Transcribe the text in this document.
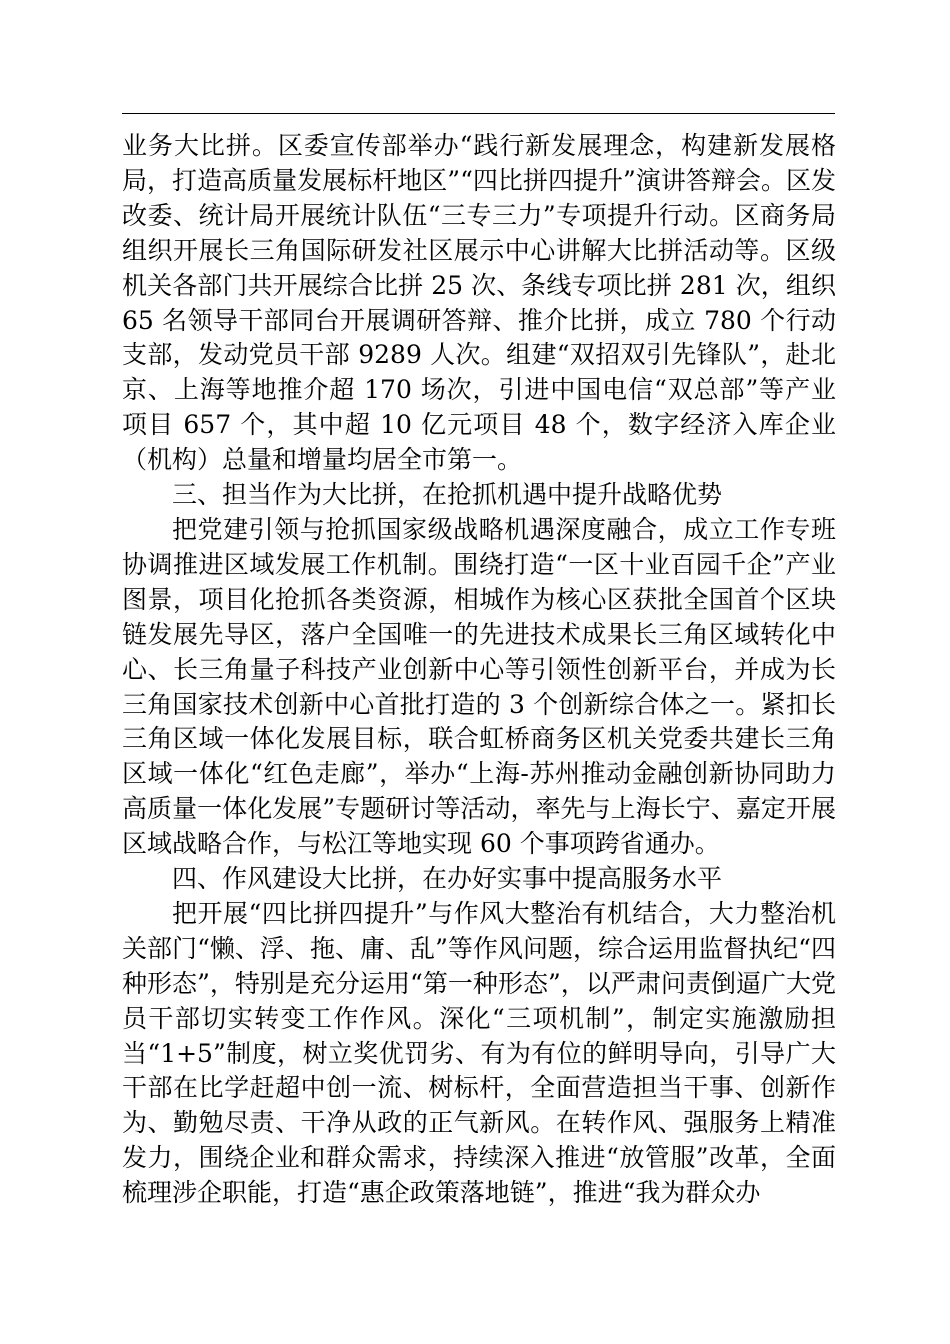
业务大比拼。区委宣传部举办“践行新发展理念，构建新发展格局，打造高质量发展标杆地区”“四比拼四提升”演讲答辩会。区发改委、统计局开展统计队伍“三专三力”专项提升行动。区商务局组织开展长三角国际研发社区展示中心讲解大比拼活动等。区级机关各部门共开展综合比拼 25 次、条线专项比拼 281 次，组织 65 名领导干部同台开展调研答辩、推介比拼，成立 780 个行动支部，发动党员干部 9289 人次。组建“双招双引先锋队”，赴北京、上海等地推介超 170 场次，引进中国电信“双总部”等产业项目 657 个，其中超 10 亿元项目 48 个，数字经济入库企业（机构）总量和增量均居全市第一。

三、担当作为大比拼，在抢抓机遇中提升战略优势

把党建引领与抢抓国家级战略机遇深度融合，成立工作专班协调推进区域发展工作机制。围绕打造“一区十业百园千企”产业图景，项目化抢抓各类资源，相城作为核心区获批全国首个区块链发展先导区，落户全国唯一的先进技术成果长三角区域转化中心、长三角量子科技产业创新中心等引领性创新平台，并成为长三角国家技术创新中心首批打造的 3 个创新综合体之一。紧扣长三角区域一体化发展目标，联合虹桥商务区机关党委共建长三角区域一体化“红色走廊”，举办“上海-苏州推动金融创新协同助力高质量一体化发展”专题研讨等活动，率先与上海长宁、嘉定开展区域战略合作，与松江等地实现 60 个事项跨省通办。

四、作风建设大比拼，在办好实事中提高服务水平

把开展“四比拼四提升”与作风大整治有机结合，大力整治机关部门“懒、浮、拖、庸、乱”等作风问题，综合运用监督执纪“四种形态”，特别是充分运用“第一种形态”，以严肃问责倒逼广大党员干部切实转变工作作风。深化“三项机制”，制定实施激励担当“1+5”制度，树立奖优罚劣、有为有位的鲜明导向，引导广大干部在比学赶超中创一流、树标杆，全面营造担当干事、创新作为、勤勉尽责、干净从政的正气新风。在转作风、强服务上精准发力，围绕企业和群众需求，持续深入推进“放管服”改革，全面梳理涉企职能，打造“惠企政策落地链”，推进“我为群众办
